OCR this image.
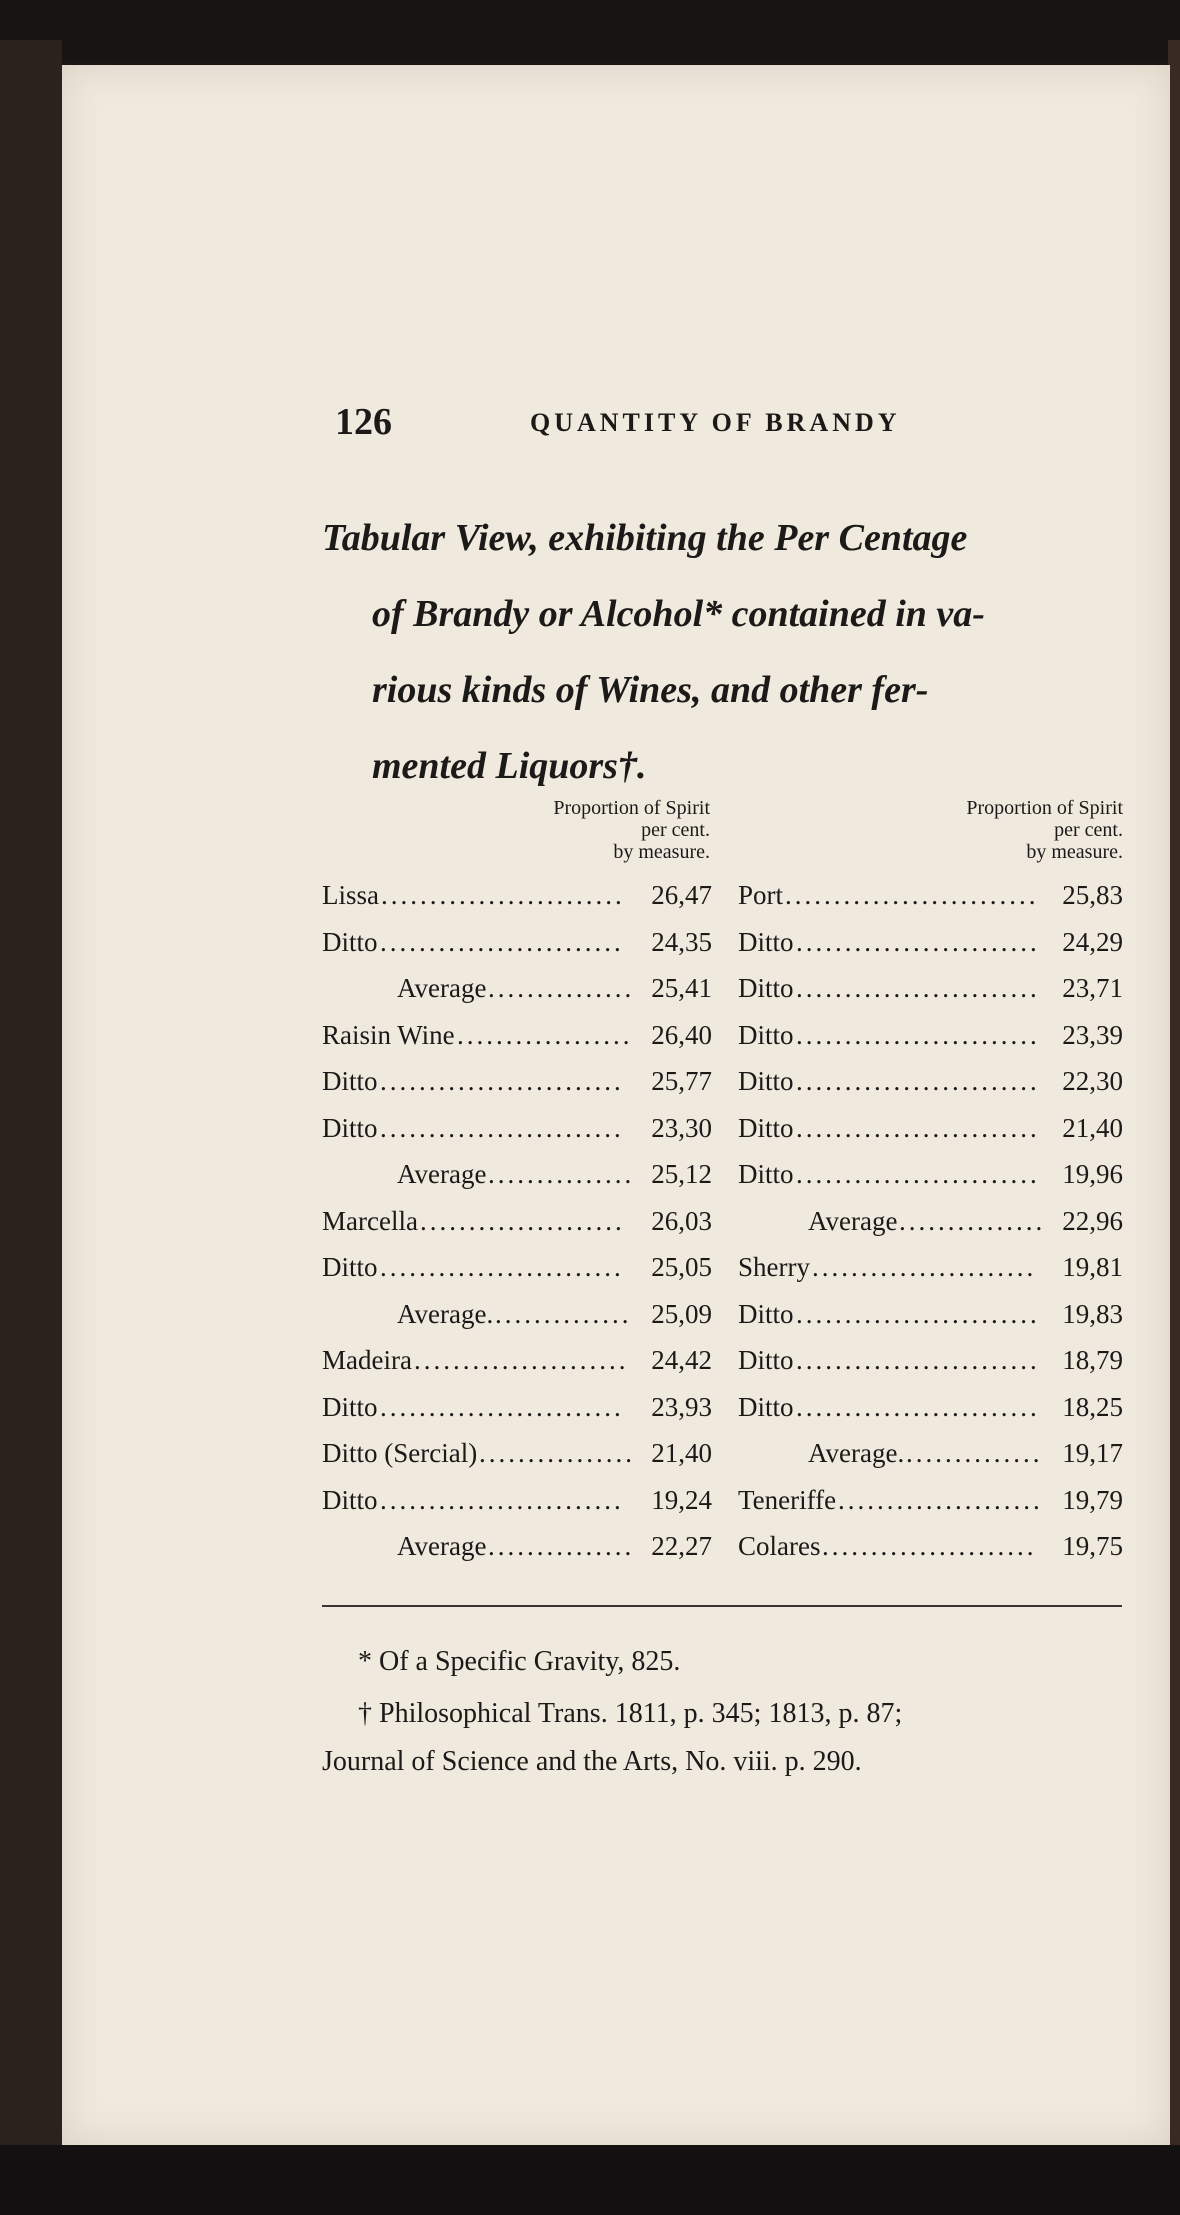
126	QUANTITY OF BRANDY
Tabular View, exhibiting the Per Centage
of Brandy or Alcohol* contained in va-
rious kinds of Wines, and other fer-
mented Liquors†.
Proportion of Spirit
per cent.
by measure.
Proportion of Spirit
per cent.
by measure.
Lissa	26,47
.........................
Ditto	24,35
.........................
Average	25,41
...............
Raisin Wine	26,40
..................
Ditto	25,77
.........................
Ditto	23,30
.........................
Average	25,12
...............
Marcella	26,03
.....................
Ditto	25,05
.........................
Average.	25,09
..............
Madeira	24,42
......................
Ditto	23,93
.........................
Ditto (Sercial)	21,40
................
Ditto	19,24
.........................
Average	22,27
...............
Port	25,83
..........................
Ditto	24,29
.........................
Ditto	23,71
.........................
Ditto	23,39
.........................
Ditto	22,30
.........................
Ditto	21,40
.........................
Ditto	19,96
.........................
Average	22,96
...............
Sherry	19,81
.......................
Ditto	19,83
.........................
Ditto	18,79
.........................
Ditto	18,25
.........................
Average.	19,17
..............
Teneriffe	19,79
.....................
Colares	19,75
......................
* Of a Specific Gravity, 825.
† Philosophical Trans. 1811, p. 345; 1813, p. 87;
Journal of Science and the Arts, No. viii. p. 290.
